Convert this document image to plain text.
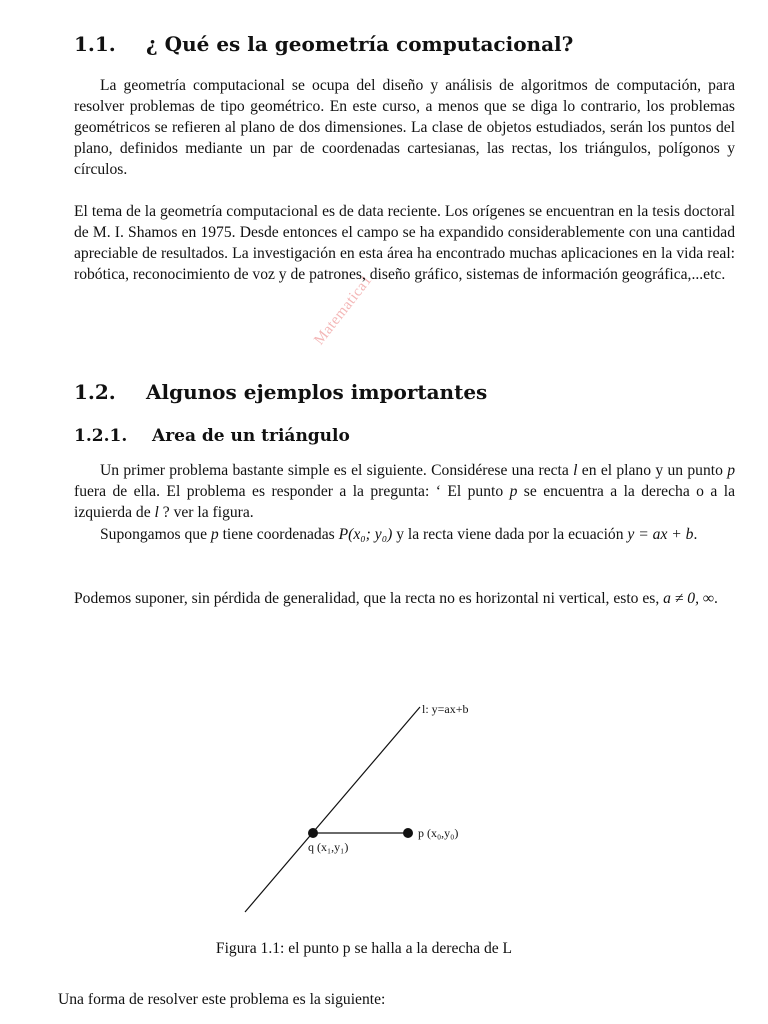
Matematica1
1.1. ¿ Qué es la geometría computacional?

La geometría computacional se ocupa del diseño y análisis de algoritmos de computación, para resolver problemas de tipo geométrico. En este curso, a menos que se diga lo contrario, los problemas geométricos se refieren al plano de dos dimensiones. La clase de objetos estudiados, serán los puntos del plano, definidos mediante un par de coordenadas cartesianas, las rectas, los triángulos, polígonos y círculos.

El tema de la geometría computacional es de data reciente. Los orígenes se encuentran en la tesis doctoral de M. I. Shamos en 1975. Desde entonces el campo se ha expandido considerablemente con una cantidad apreciable de resultados. La investigación en esta área ha encontrado muchas aplicaciones en la vida real: robótica, reconocimiento de voz y de patrones, diseño gráfico, sistemas de información geográfica,...etc.

1.2. Algunos ejemplos importantes
1.2.1. Area de un triángulo

Un primer problema bastante simple es el siguiente. Considérese una recta l en el plano y un punto p fuera de ella. El problema es responder a la pregunta: ‘ El punto p se encuentra a la derecha o a la izquierda de l ? ver la figura.

Supongamos que p tiene coordenadas P(x₀; y₀) y la recta viene dada por la ecuación y = ax + b.

Podemos suponer, sin pérdida de generalidad, que la recta no es horizontal ni vertical, esto es, a ≠ 0, ∞.

l: y=ax+b
p (x₀,y₀)
q (x₁,y₁)
Figura 1.1: el punto p se halla a la derecha de L

Una forma de resolver este problema es la siguiente:
